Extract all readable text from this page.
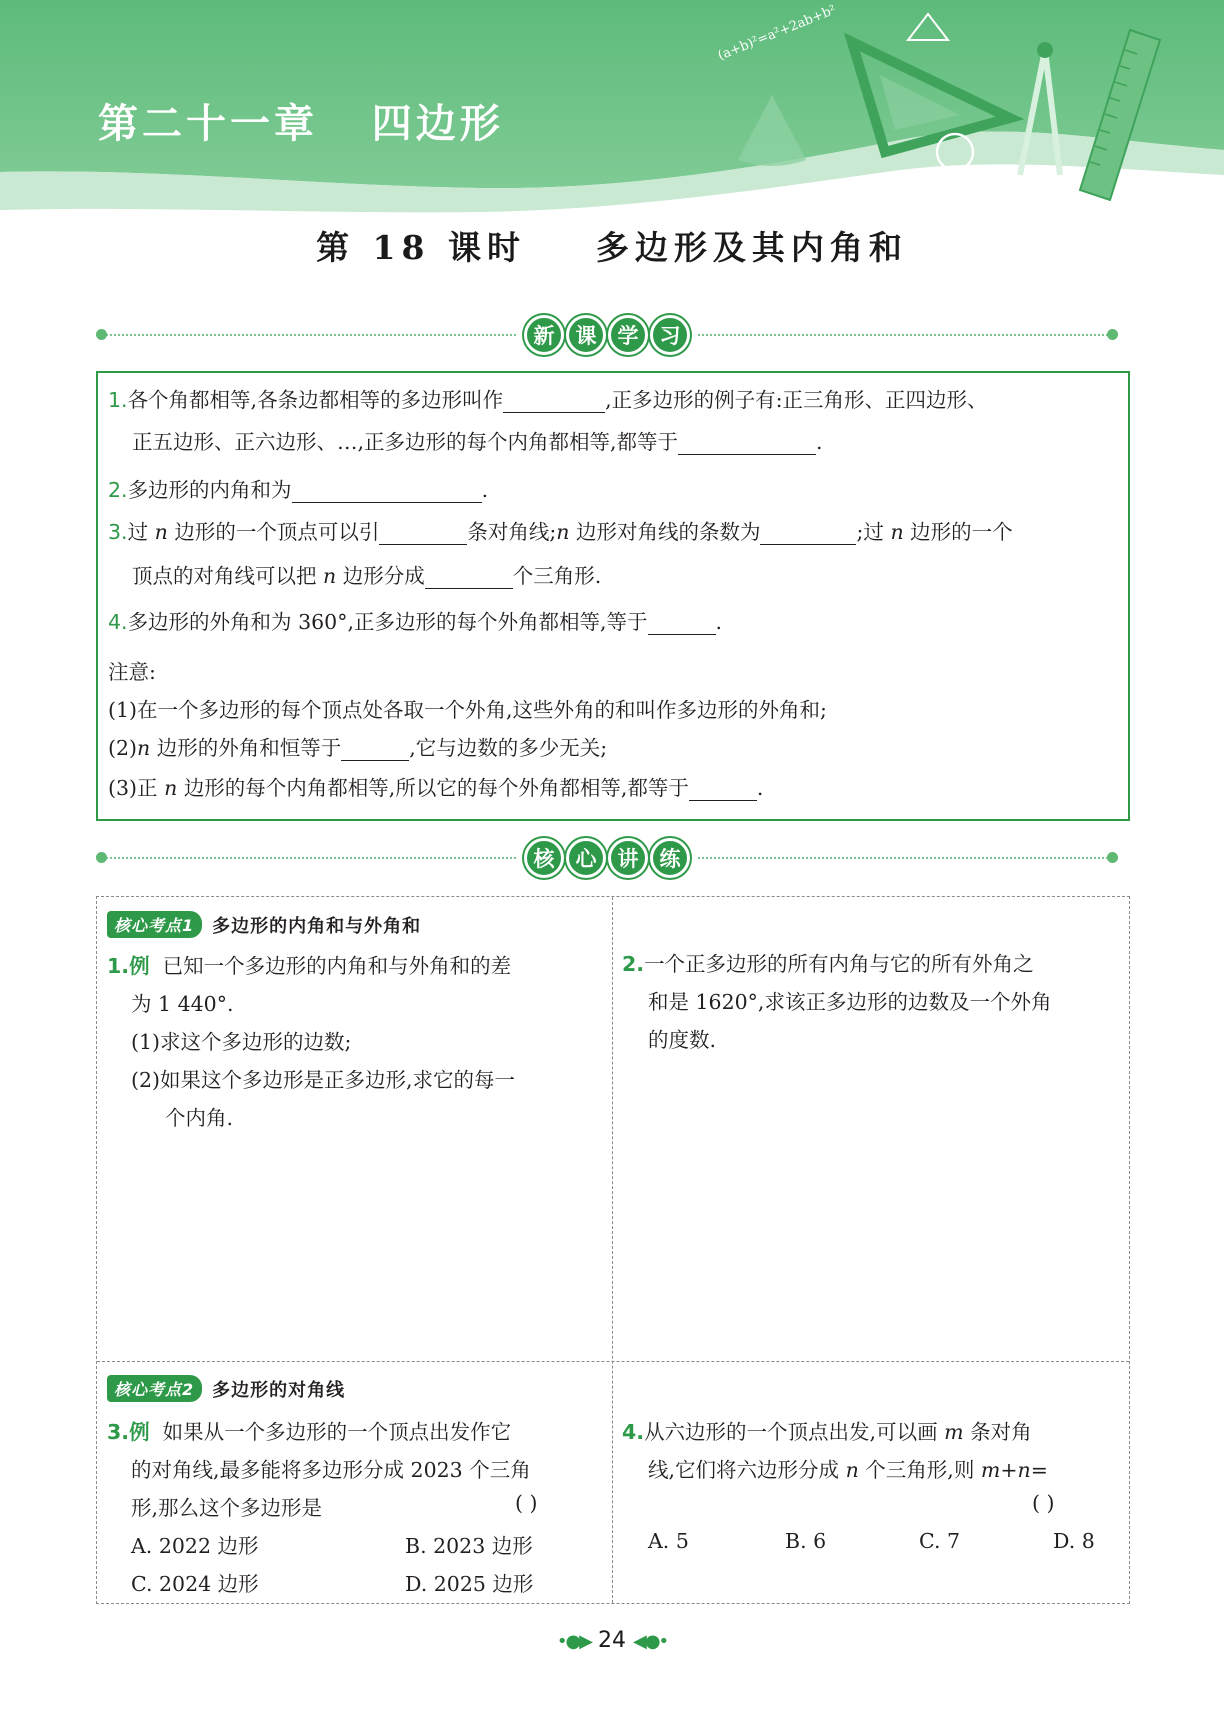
(a+b)²=a²+2ab+b²
第二十一章   四边形
第 18 课时    多边形及其内角和
新	课	学	习
1.各个角都相等,各条边都相等的多边形叫作	,正多边形的例子有:正三角形、正四边形、
正五边形、正六边形、…,正多边形的每个内角都相等,都等于	.
2.多边形的内角和为	.
3.过 n 边形的一个顶点可以引	条对角线;n 边形对角线的条数为	;过 n 边形的一个
顶点的对角线可以把 n 边形分成	个三角形.
4.多边形的外角和为 360°,正多边形的每个外角都相等,等于	.
注意:
(1)在一个多边形的每个顶点处各取一个外角,这些外角的和叫作多边形的外角和;
(2)n 边形的外角和恒等于	,它与边数的多少无关;
(3)正 n 边形的每个内角都相等,所以它的每个外角都相等,都等于	.
核	心	讲	练
核心考点1	多边形的内角和与外角和
1.例 已知一个多边形的内角和与外角和的差
为 1 440°.
(1)求这个多边形的边数;
(2)如果这个多边形是正多边形,求它的每一
个内角.
2.一个正多边形的所有内角与它的所有外角之
和是 1620°,求该正多边形的边数及一个外角
的度数.
核心考点2	多边形的对角线
3.例 如果从一个多边形的一个顶点出发作它
的对角线,最多能将多边形分成 2023 个三角
形,那么这个多边形是	( )
A. 2022 边形	B. 2023 边形
C. 2024 边形	D. 2025 边形
4.从六边形的一个顶点出发,可以画 m 条对角
线,它们将六边形分成 n 个三角形,则 m+n=
( )
A. 5	B. 6	C. 7	D. 8
•●▶ 24 ◀●•
